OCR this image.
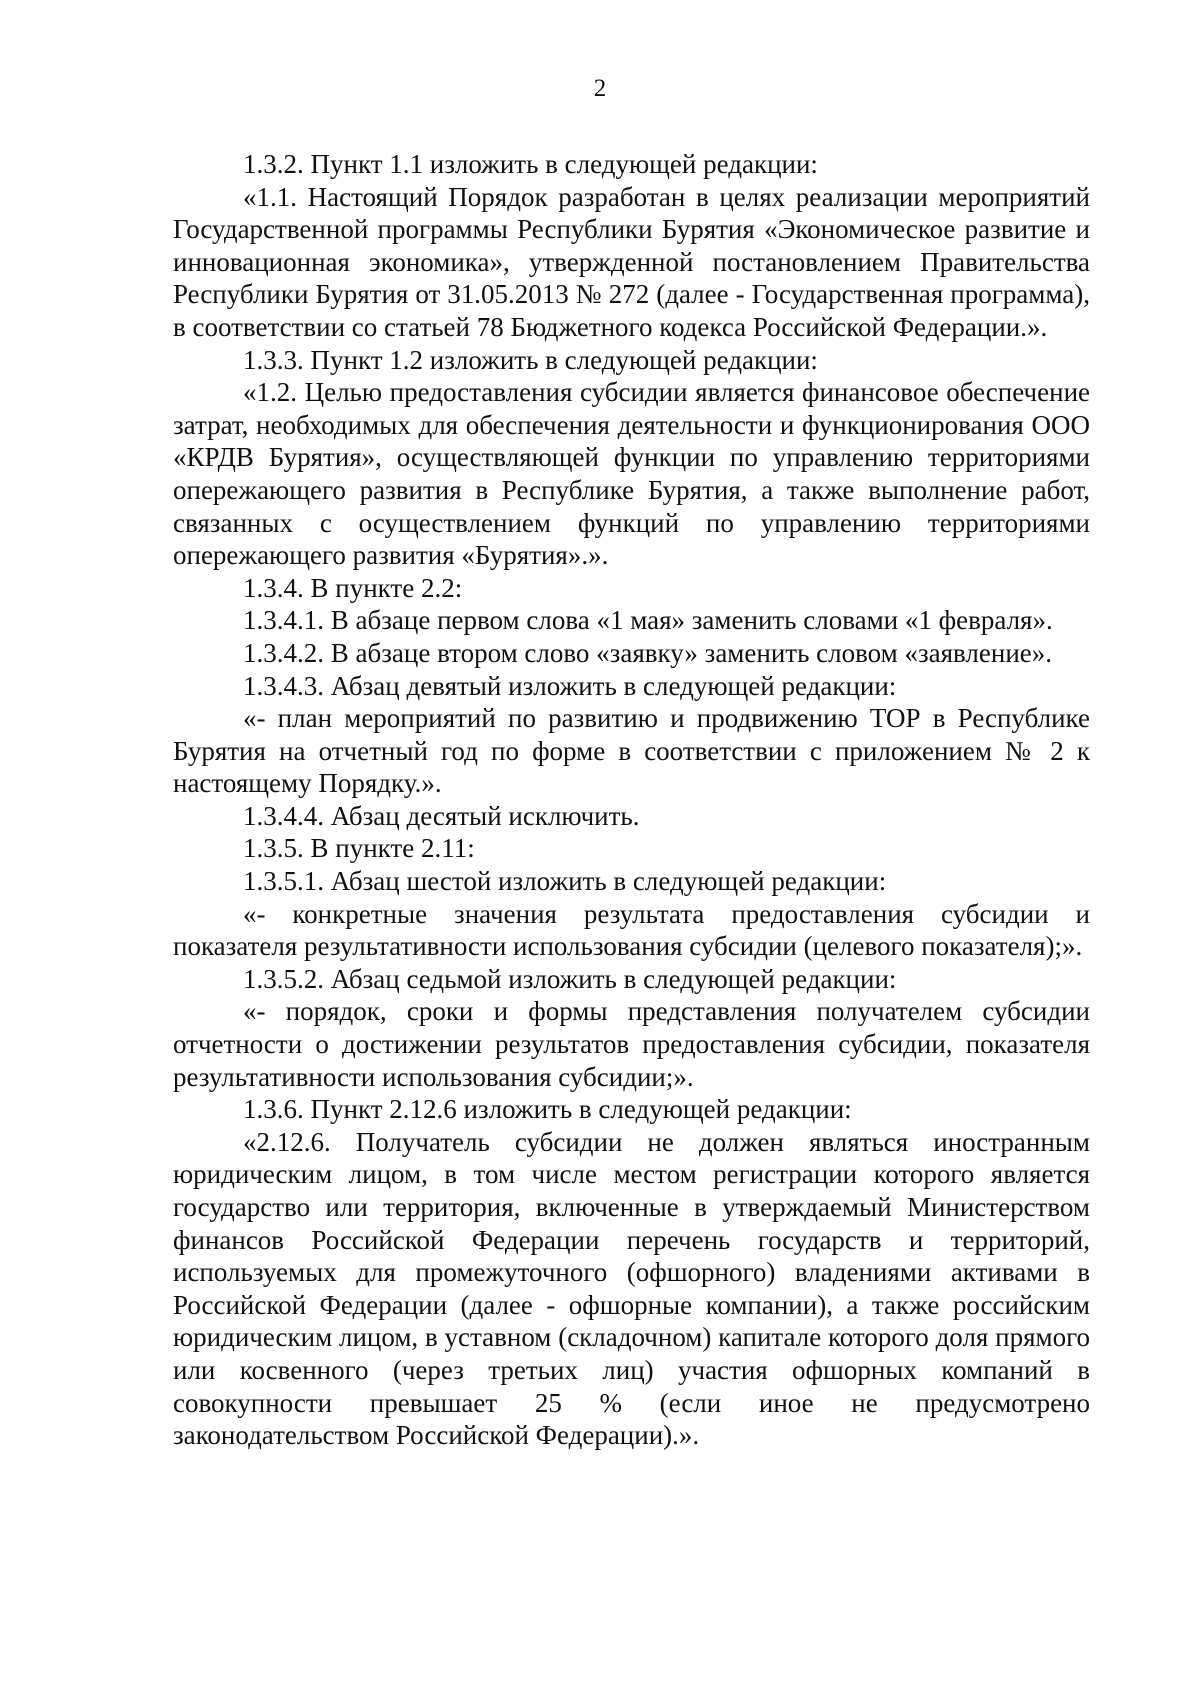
2

1.3.2. Пункт 1.1 изложить в следующей редакции:

«1.1. Настоящий Порядок разработан в целях реализации мероприятий Государственной программы Республики Бурятия «Экономическое развитие и инновационная экономика», утвержденной постановлением Правительства Республики Бурятия от 31.05.2013 № 272 (далее - Государственная программа), в соответствии со статьей 78 Бюджетного кодекса Российской Федерации.».

1.3.3. Пункт 1.2 изложить в следующей редакции:

«1.2. Целью предоставления субсидии является финансовое обеспечение затрат, необходимых для обеспечения деятельности и функционирования ООО «КРДВ Бурятия», осуществляющей функции по управлению территориями опережающего развития в Республике Бурятия, а также выполнение работ, связанных с осуществлением функций по управлению территориями опережающего развития «Бурятия».».

1.3.4. В пункте 2.2:

1.3.4.1. В абзаце первом слова «1 мая» заменить словами «1 февраля».

1.3.4.2. В абзаце втором слово «заявку» заменить словом «заявление».

1.3.4.3. Абзац девятый изложить в следующей редакции:

«- план мероприятий по развитию и продвижению ТОР в Республике Бурятия на отчетный год по форме в соответствии с приложением № 2 к настоящему Порядку.».

1.3.4.4. Абзац десятый исключить.

1.3.5. В пункте 2.11:

1.3.5.1. Абзац шестой изложить в следующей редакции:

«- конкретные значения результата предоставления субсидии и показателя результативности использования субсидии (целевого показателя);».

1.3.5.2. Абзац седьмой изложить в следующей редакции:

«- порядок, сроки и формы представления получателем субсидии отчетности о достижении результатов предоставления субсидии, показателя результативности использования субсидии;».

1.3.6. Пункт 2.12.6 изложить в следующей редакции:

«2.12.6. Получатель субсидии не должен являться иностранным юридическим лицом, в том числе местом регистрации которого является государство или территория, включенные в утверждаемый Министерством финансов Российской Федерации перечень государств и территорий, используемых для промежуточного (офшорного) владениями активами в Российской Федерации (далее - офшорные компании), а также российским юридическим лицом, в уставном (складочном) капитале которого доля прямого или косвенного (через третьих лиц) участия офшорных компаний в совокупности превышает 25 % (если иное не предусмотрено законодательством Российской Федерации).».
